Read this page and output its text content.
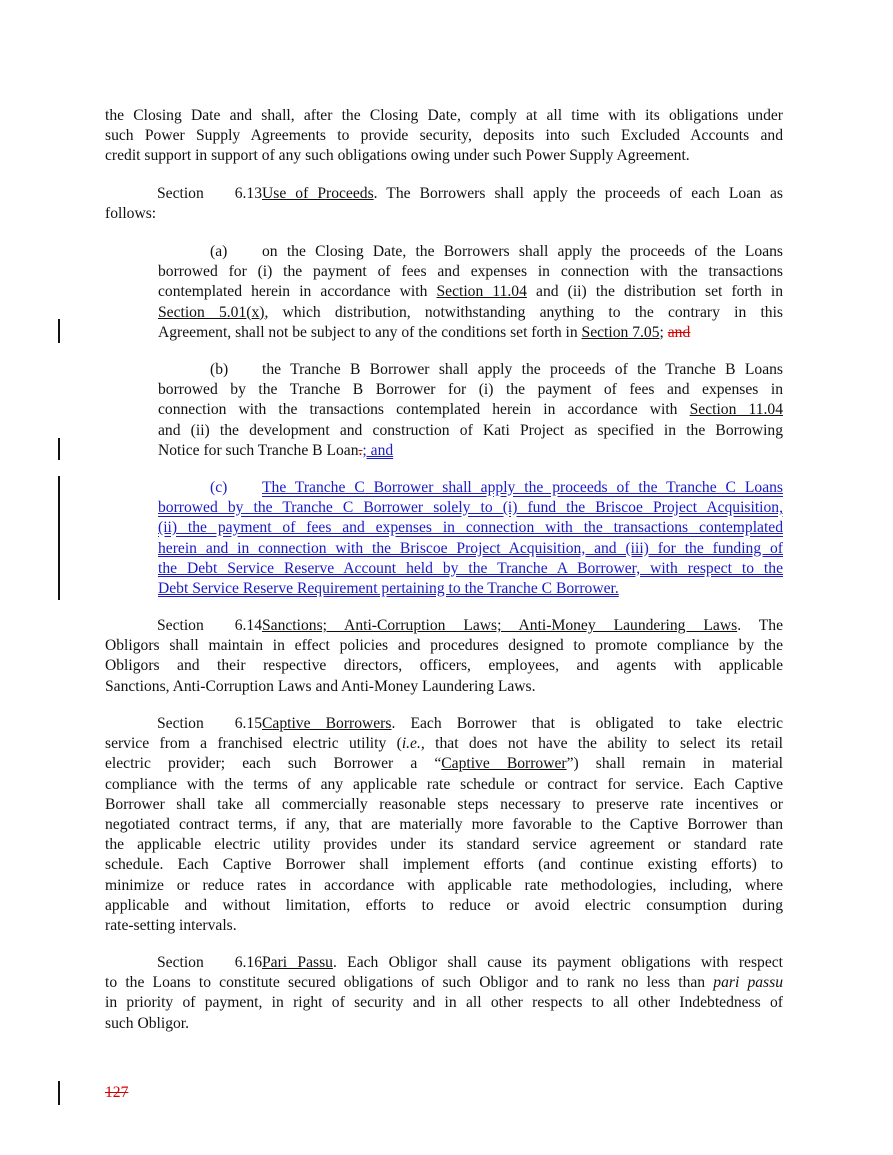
the Closing Date and shall, after the Closing Date, comply at all time with its obligations under
such Power Supply Agreements to provide security, deposits into such Excluded Accounts and
credit support in support of any such obligations owing under such Power Supply Agreement.
Section 6.13Use of Proceeds. The Borrowers shall apply the proceeds of each Loan as
follows:
(a) on the Closing Date, the Borrowers shall apply the proceeds of the Loans
borrowed for (i) the payment of fees and expenses in connection with the transactions
contemplated herein in accordance with Section 11.04 and (ii) the distribution set forth in
Section 5.01(x), which distribution, notwithstanding anything to the contrary in this
Agreement, shall not be subject to any of the conditions set forth in Section 7.05; and
(b) the Tranche B Borrower shall apply the proceeds of the Tranche B Loans
borrowed by the Tranche B Borrower for (i) the payment of fees and expenses in
connection with the transactions contemplated herein in accordance with Section 11.04
and (ii) the development and construction of Kati Project as specified in the Borrowing
Notice for such Tranche B Loan.; and
(c) The Tranche C Borrower shall apply the proceeds of the Tranche C Loans
borrowed by the Tranche C Borrower solely to (i) fund the Briscoe Project Acquisition,
(ii) the payment of fees and expenses in connection with the transactions contemplated
herein and in connection with the Briscoe Project Acquisition, and (iii) for the funding of
the Debt Service Reserve Account held by the Tranche A Borrower, with respect to the
Debt Service Reserve Requirement pertaining to the Tranche C Borrower.
Section 6.14Sanctions; Anti-Corruption Laws; Anti-Money Laundering Laws. The
Obligors shall maintain in effect policies and procedures designed to promote compliance by the
Obligors and their respective directors, officers, employees, and agents with applicable
Sanctions, Anti-Corruption Laws and Anti-Money Laundering Laws.
Section 6.15Captive Borrowers. Each Borrower that is obligated to take electric
service from a franchised electric utility (i.e., that does not have the ability to select its retail
electric provider; each such Borrower a “Captive Borrower”) shall remain in material
compliance with the terms of any applicable rate schedule or contract for service. Each Captive
Borrower shall take all commercially reasonable steps necessary to preserve rate incentives or
negotiated contract terms, if any, that are materially more favorable to the Captive Borrower than
the applicable electric utility provides under its standard service agreement or standard rate
schedule. Each Captive Borrower shall implement efforts (and continue existing efforts) to
minimize or reduce rates in accordance with applicable rate methodologies, including, where
applicable and without limitation, efforts to reduce or avoid electric consumption during
rate-setting intervals.
Section 6.16Pari Passu. Each Obligor shall cause its payment obligations with respect
to the Loans to constitute secured obligations of such Obligor and to rank no less than pari passu
in priority of payment, in right of security and in all other respects to all other Indebtedness of
such Obligor.
127
